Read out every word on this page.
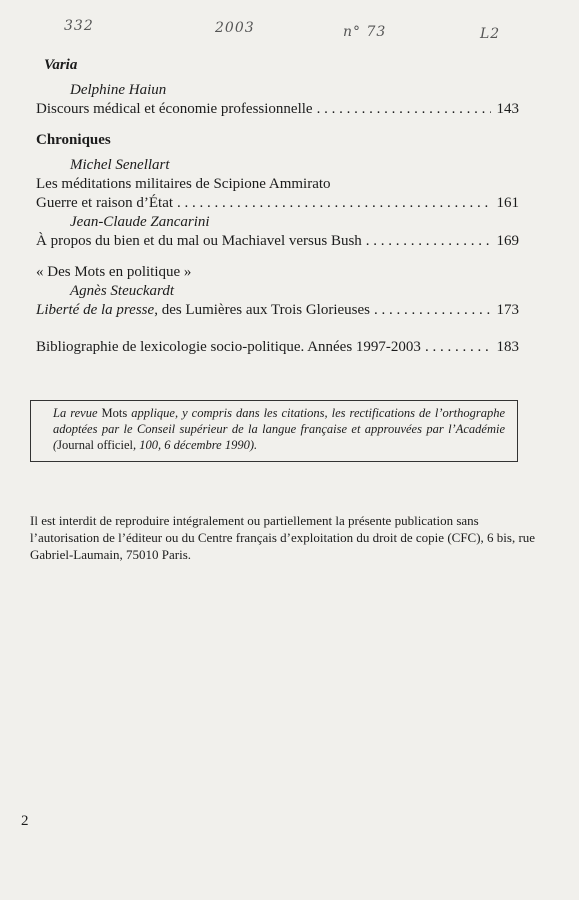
332	2003	n° 73	L2
Varia
Delphine Haiun
Discours médical et économie professionnelle . . .	143
Chroniques
Michel Senellart
Les méditations militaires de Scipione Ammirato
Guerre et raison d’État . . .	161
Jean-Claude Zancarini
À propos du bien et du mal ou Machiavel versus Bush . . .	169
« Des Mots en politique »
Agnès Steuckardt
Liberté de la presse, des Lumières aux Trois Glorieuses . . .	173
Bibliographie de lexicologie socio-politique. Années 1997-2003 . . .	183
La revue Mots applique, y compris dans les citations, les rectifications de l’orthographe adoptées par le Conseil supérieur de la langue française et approuvées par l’Académie (Journal officiel, 100, 6 décembre 1990).
Il est interdit de reproduire intégralement ou partiellement la présente publication sans l’autorisation de l’éditeur ou du Centre français d’exploitation du droit de copie (CFC), 6 bis, rue Gabriel-Laumain, 75010 Paris.
2
